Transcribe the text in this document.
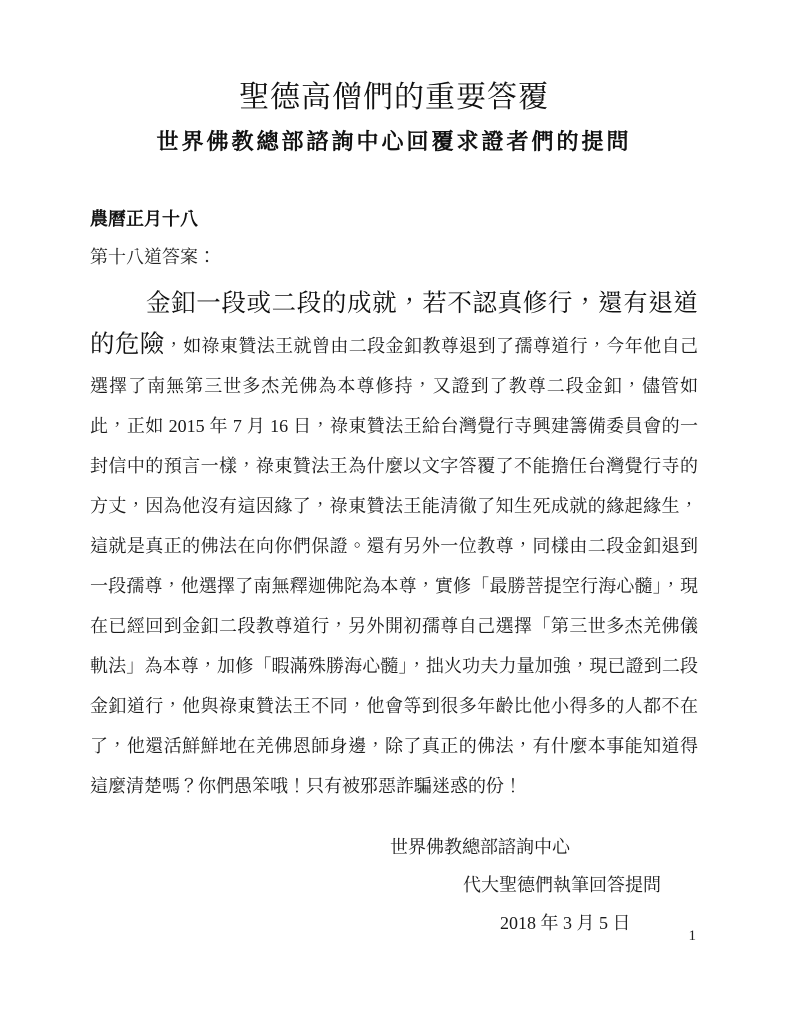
聖德高僧們的重要答覆
世界佛教總部諮詢中心回覆求證者們的提問
農曆正月十八
第十八道答案：

金釦一段或二段的成就，若不認真修行，還有退道的危險，如祿東贊法王就曾由二段金釦教尊退到了孺尊道行，今年他自己選擇了南無第三世多杰羌佛為本尊修持，又證到了教尊二段金釦，儘管如此，正如 2015 年 7 月 16 日，祿東贊法王給台灣覺行寺興建籌備委員會的一封信中的預言一樣，祿東贊法王為什麼以文字答覆了不能擔任台灣覺行寺的方丈，因為他沒有這因緣了，祿東贊法王能清徹了知生死成就的緣起緣生，這就是真正的佛法在向你們保證。還有另外一位教尊，同樣由二段金釦退到一段孺尊，他選擇了南無釋迦佛陀為本尊，實修「最勝菩提空行海心髓」，現在已經回到金釦二段教尊道行，另外開初孺尊自己選擇「第三世多杰羌佛儀軌法」為本尊，加修「暇滿殊勝海心髓」，拙火功夫力量加強，現已證到二段金釦道行，他與祿東贊法王不同，他會等到很多年齡比他小得多的人都不在了，他還活鮮鮮地在羌佛恩師身邊，除了真正的佛法，有什麼本事能知道得這麼清楚嗎？你們愚笨哦！只有被邪惡詐騙迷惑的份！

世界佛教總部諮詢中心
代大聖德們執筆回答提問
2018 年 3 月 5 日
1
